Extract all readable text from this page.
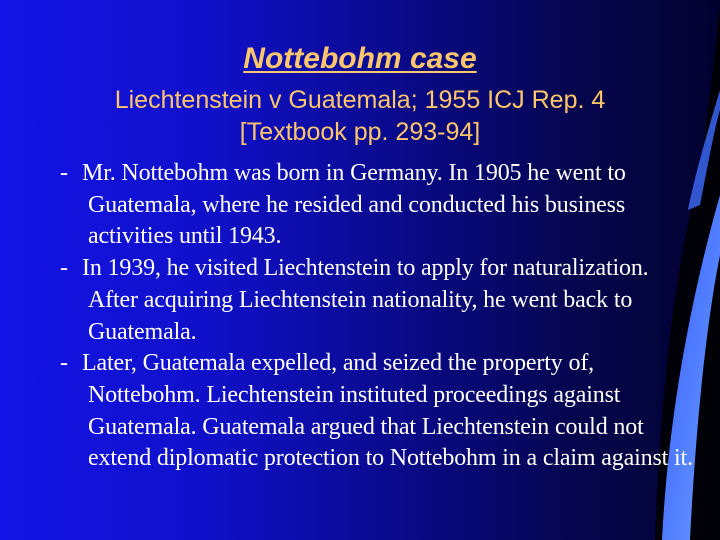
Nottebohm case
Liechtenstein v Guatemala; 1955 ICJ Rep. 4
[Textbook pp. 293-94]
- Mr. Nottebohm was born in Germany. In 1905 he went to Guatemala, where he resided and conducted his business activities until 1943.
- In 1939, he visited Liechtenstein to apply for naturalization. After acquiring Liechtenstein nationality, he went back to Guatemala.
- Later, Guatemala expelled, and seized the property of, Nottebohm. Liechtenstein instituted proceedings against Guatemala. Guatemala argued that Liechtenstein could not extend diplomatic protection to Nottebohm in a claim against it.
